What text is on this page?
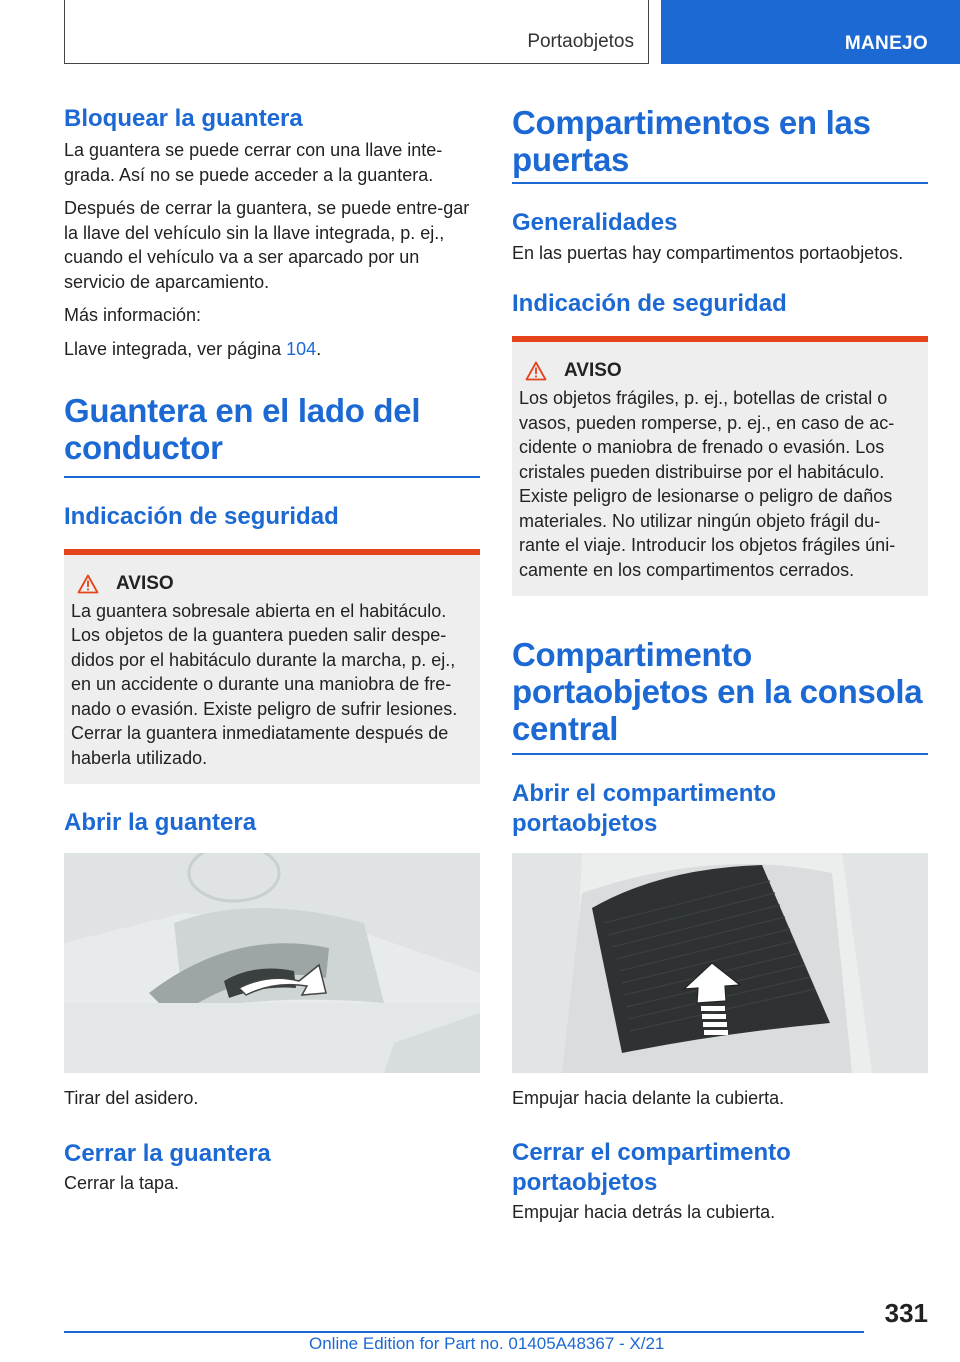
Portaobjetos	MANEJO
Bloquear la guantera

La guantera se puede cerrar con una llave inte-grada. Así no se puede acceder a la guantera.

Después de cerrar la guantera, se puede entre-gar la llave del vehículo sin la llave integrada, p. ej., cuando el vehículo va a ser aparcado por un servicio de aparcamiento.

Más información:

Llave integrada, ver página 104.

Guantera en el lado del conductor
Indicación de seguridad
AVISO

La guantera sobresale abierta en el habitáculo. Los objetos de la guantera pueden salir despe-didos por el habitáculo durante la marcha, p. ej., en un accidente o durante una maniobra de fre-nado o evasión. Existe peligro de sufrir lesiones. Cerrar la guantera inmediatamente después de haberla utilizado.

Abrir la guantera

Tirar del asidero.

Cerrar la guantera

Cerrar la tapa.

Compartimentos en las puertas
Generalidades

En las puertas hay compartimentos portaobjetos.

Indicación de seguridad
AVISO

Los objetos frágiles, p. ej., botellas de cristal o vasos, pueden romperse, p. ej., en caso de ac-cidente o maniobra de frenado o evasión. Los cristales pueden distribuirse por el habitáculo. Existe peligro de lesionarse o peligro de daños materiales. No utilizar ningún objeto frágil du-rante el viaje. Introducir los objetos frágiles úni-camente en los compartimentos cerrados.

Compartimento portaobjetos en la consola central
Abrir el compartimento portaobjetos

Empujar hacia delante la cubierta.

Cerrar el compartimento portaobjetos

Empujar hacia detrás la cubierta.

331
Online Edition for Part no. 01405A48367 - X/21
